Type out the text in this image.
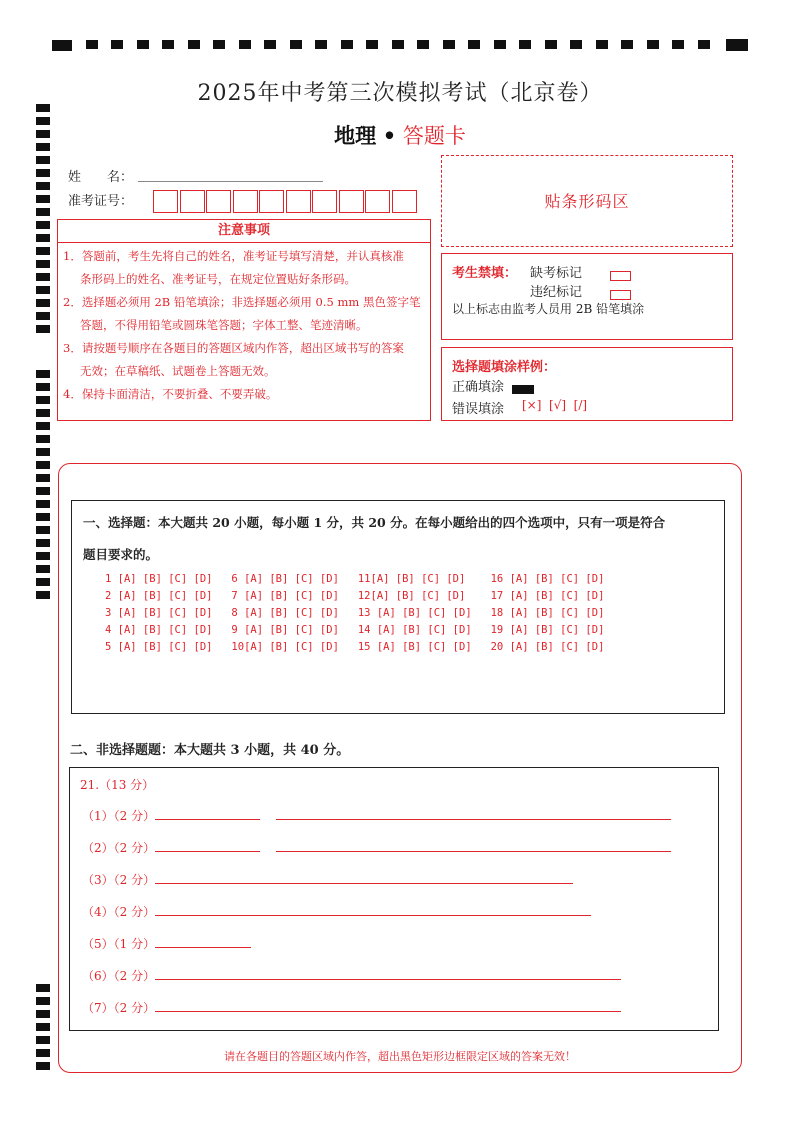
2025年中考第三次模拟考试（北京卷）
地理 • 答题卡
姓　　名：
准考证号：	贴条形码区
注意事项
1．答题前，考生先将自己的姓名，准考证号填写清楚，并认真核准
条形码上的姓名、准考证号，在规定位置贴好条形码。
2．选择题必须用 2B 铅笔填涂；非选择题必须用 0.5 mm 黑色签字笔
答题，不得用铅笔或圆珠笔答题；字体工整、笔迹清晰。
3．请按题号顺序在各题目的答题区域内作答，超出区域书写的答案
无效；在草稿纸、试题卷上答题无效。
4．保持卡面清洁，不要折叠、不要弄破。
考生禁填： 缺考标记
违纪标记
以上标志由监考人员用 2B 铅笔填涂
选择题填涂样例：
正确填涂
错误填涂 [×]  [√]  [/]
一、选择题：本大题共 20 小题，每小题 1 分，共 20 分。在每小题给出的四个选项中，只有一项是符合
题目要求的。
1 [A] [B] [C] [D]   6 [A] [B] [C] [D]   11[A] [B] [C] [D]    16 [A] [B] [C] [D]
2 [A] [B] [C] [D]   7 [A] [B] [C] [D]   12[A] [B] [C] [D]    17 [A] [B] [C] [D]
3 [A] [B] [C] [D]   8 [A] [B] [C] [D]   13 [A] [B] [C] [D]   18 [A] [B] [C] [D]
4 [A] [B] [C] [D]   9 [A] [B] [C] [D]   14 [A] [B] [C] [D]   19 [A] [B] [C] [D]
5 [A] [B] [C] [D]   10[A] [B] [C] [D]   15 [A] [B] [C] [D]   20 [A] [B] [C] [D]
二、非选择题题：本大题共 3 小题，共 40 分。
21.（13 分）
（1）（2 分）
（2）（2 分）
（3）（2 分）
（4）（2 分）
（5）（1 分）
（6）（2 分）
（7）（2 分）
请在各题目的答题区域内作答，超出黑色矩形边框限定区域的答案无效！
